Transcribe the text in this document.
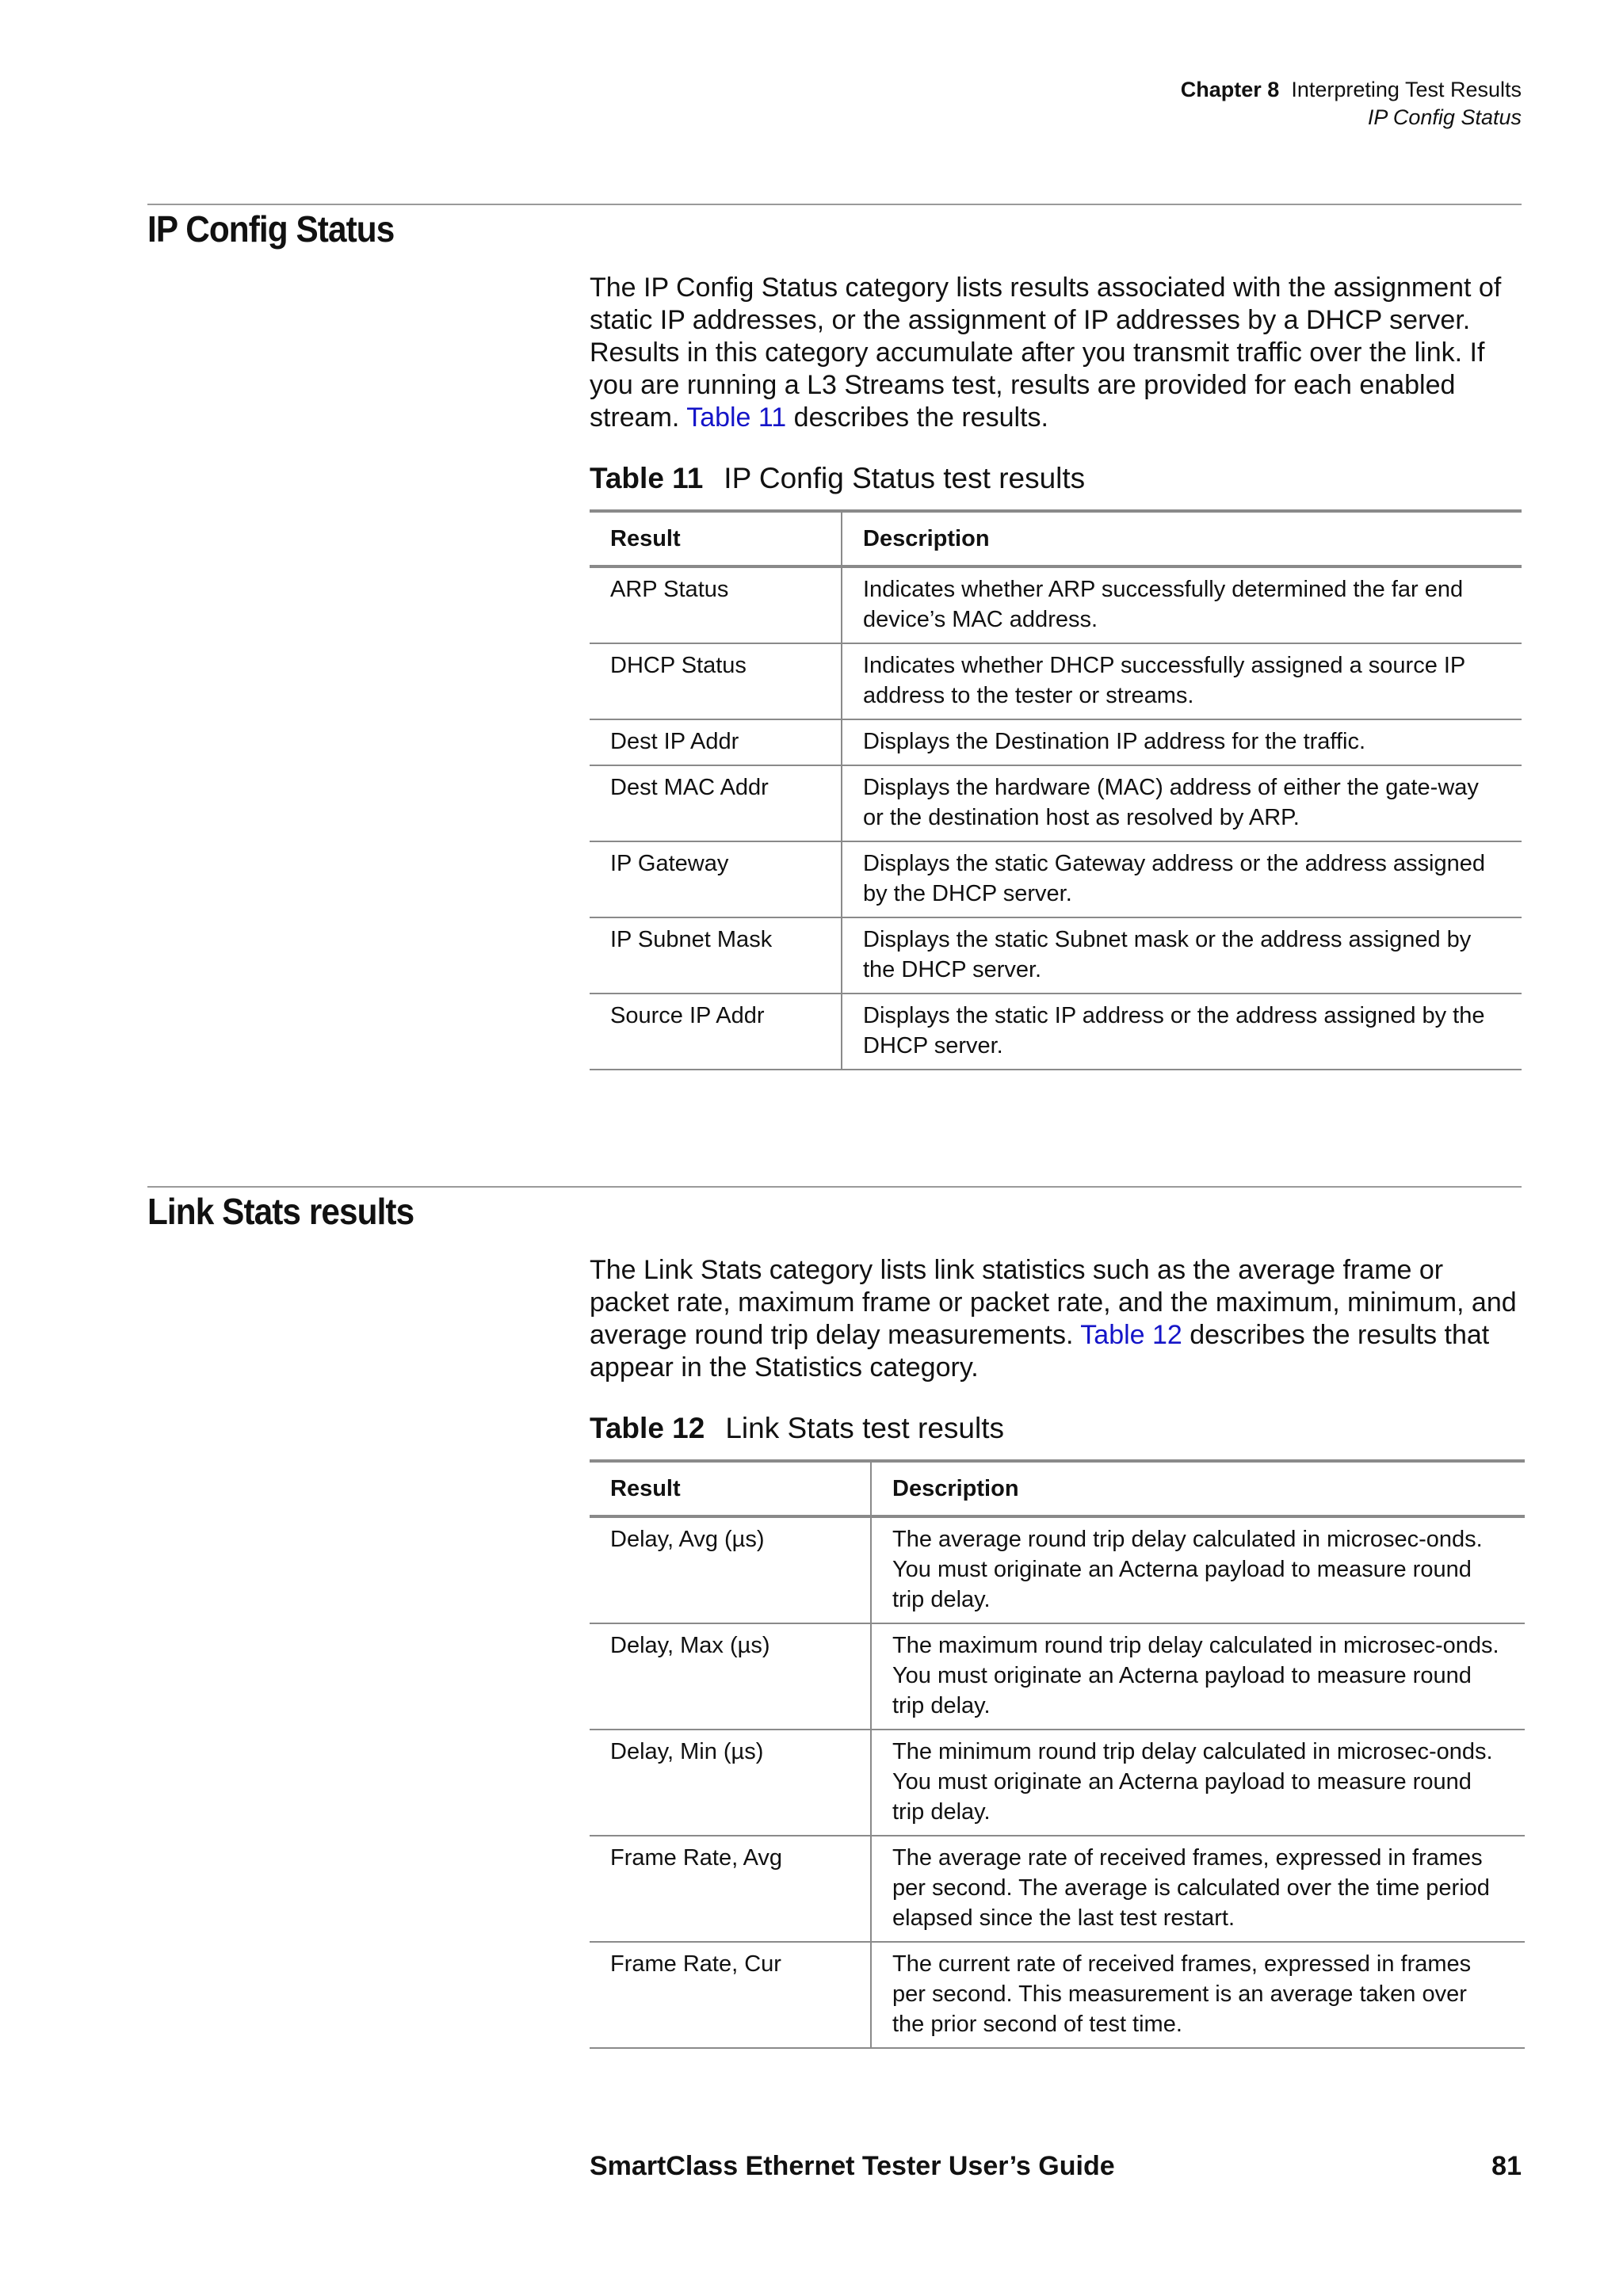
Chapter 8 Interpreting Test Results
IP Config Status
IP Config Status

The IP Config Status category lists results associated with the assignment of static IP addresses, or the assignment of IP addresses by a DHCP server. Results in this category accumulate after you transmit traffic over the link. If you are running a L3 Streams test, results are provided for each enabled stream. Table 11 describes the results.

Table 11 IP Config Status test results
Result	Description
ARP Status	Indicates whether ARP successfully determined the far end device’s MAC address.
DHCP Status	Indicates whether DHCP successfully assigned a source IP address to the tester or streams.
Dest IP Addr	Displays the Destination IP address for the traffic.
Dest MAC Addr	Displays the hardware (MAC) address of either the gate-way or the destination host as resolved by ARP.
IP Gateway	Displays the static Gateway address or the address assigned by the DHCP server.
IP Subnet Mask	Displays the static Subnet mask or the address assigned by the DHCP server.
Source IP Addr	Displays the static IP address or the address assigned by the DHCP server.
Link Stats results

The Link Stats category lists link statistics such as the average frame or packet rate, maximum frame or packet rate, and the maximum, minimum, and average round trip delay measurements. Table 12 describes the results that appear in the Statistics category.

Table 12 Link Stats test results
Result	Description
Delay, Avg (µs)	The average round trip delay calculated in microsec-onds. You must originate an Acterna payload to measure round trip delay.
Delay, Max (µs)	The maximum round trip delay calculated in microsec-onds. You must originate an Acterna payload to measure round trip delay.
Delay, Min (µs)	The minimum round trip delay calculated in microsec-onds. You must originate an Acterna payload to measure round trip delay.
Frame Rate, Avg	The average rate of received frames, expressed in frames per second. The average is calculated over the time period elapsed since the last test restart.
Frame Rate, Cur	The current rate of received frames, expressed in frames per second. This measurement is an average taken over the prior second of test time.
SmartClass Ethernet Tester User’s Guide	81
